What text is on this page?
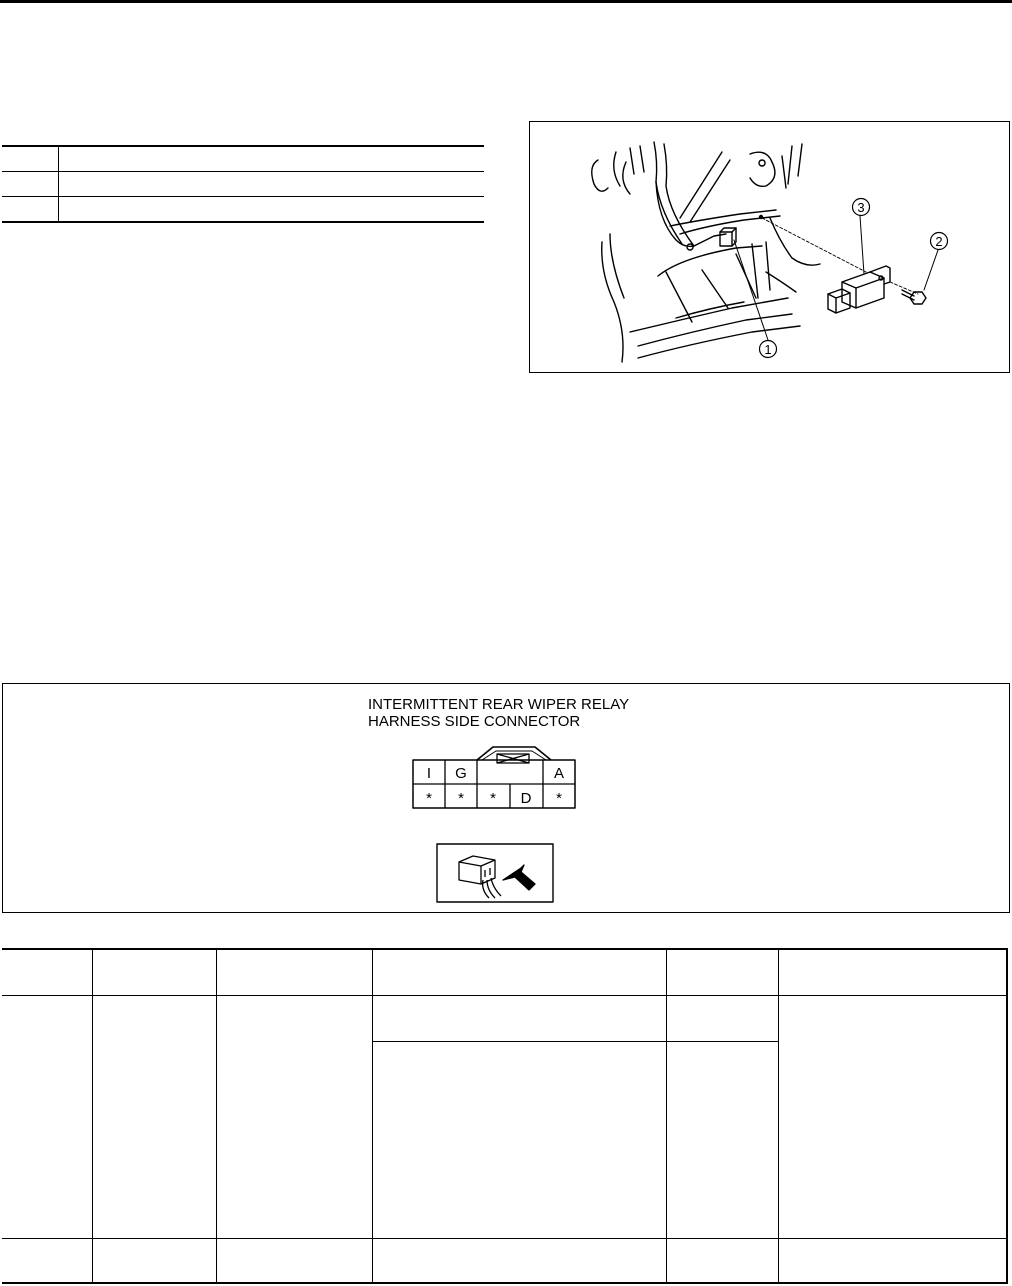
3
2
1

INTERMITTENT REAR WIPER RELAY
HARNESS SIDE CONNECTOR

I G	A
* * * D *
